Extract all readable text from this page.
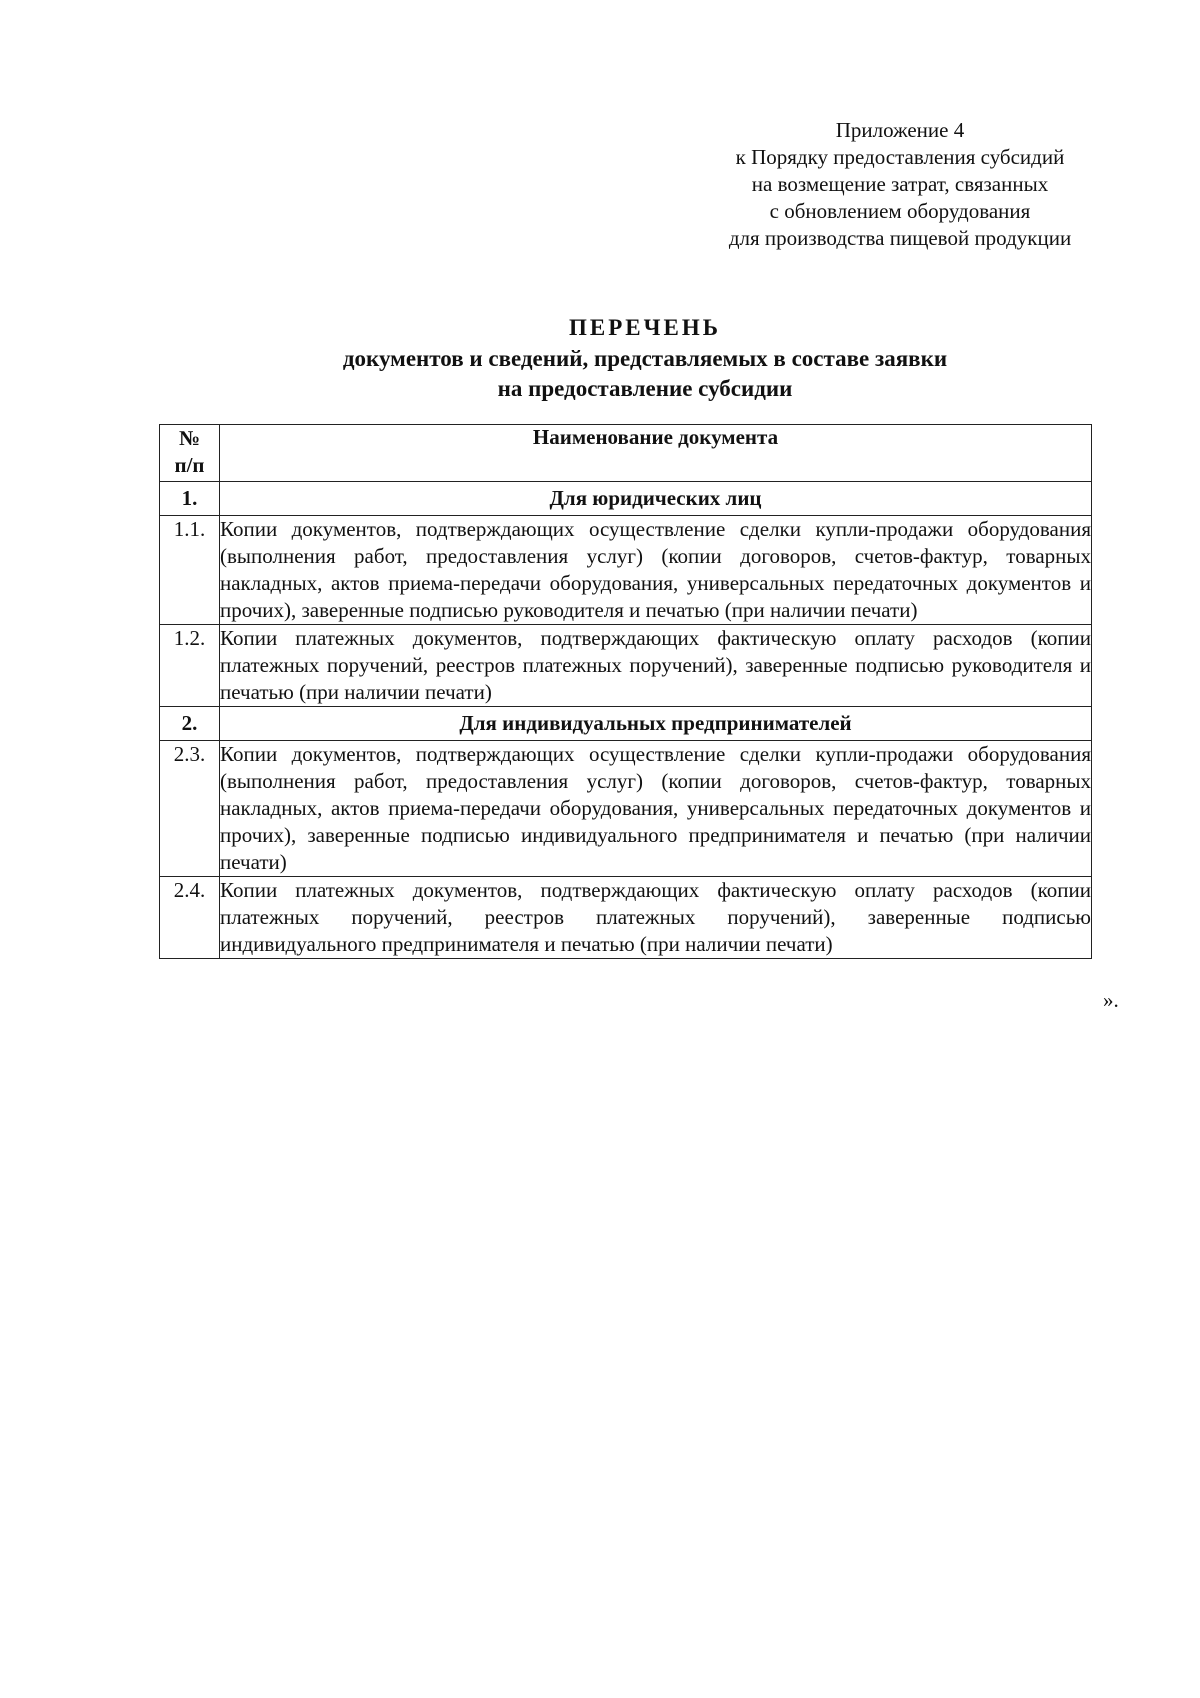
Приложение 4
к Порядку предоставления субсидий
на возмещение затрат, связанных
с обновлением оборудования
для производства пищевой продукции
ПЕРЕЧЕНЬ
документов и сведений, представляемых в составе заявки
на предоставление субсидии
№
п/п	Наименование документа
1.	Для юридических лиц
1.1.	Копии документов, подтверждающих осуществление сделки купли-продажи оборудования (выполнения работ, предоставления услуг) (копии договоров, счетов-фактур, товарных накладных, актов приема-передачи оборудования, универсальных передаточных документов и прочих), заверенные подписью руководителя и печатью (при наличии печати)
1.2.	Копии платежных документов, подтверждающих фактическую оплату расходов (копии платежных поручений, реестров платежных поручений), заверенные подписью руководителя и печатью (при наличии печати)
2.	Для индивидуальных предпринимателей
2.3.	Копии документов, подтверждающих осуществление сделки купли-продажи оборудования (выполнения работ, предоставления услуг) (копии договоров, счетов-фактур, товарных накладных, актов приема-передачи оборудования, универсальных передаточных документов и прочих), заверенные подписью индивидуального предпринимателя и печатью (при наличии печати)
2.4.	Копии платежных документов, подтверждающих фактическую оплату расходов (копии платежных поручений, реестров платежных поручений), заверенные подписью индивидуального предпринимателя и печатью (при наличии печати)
».
